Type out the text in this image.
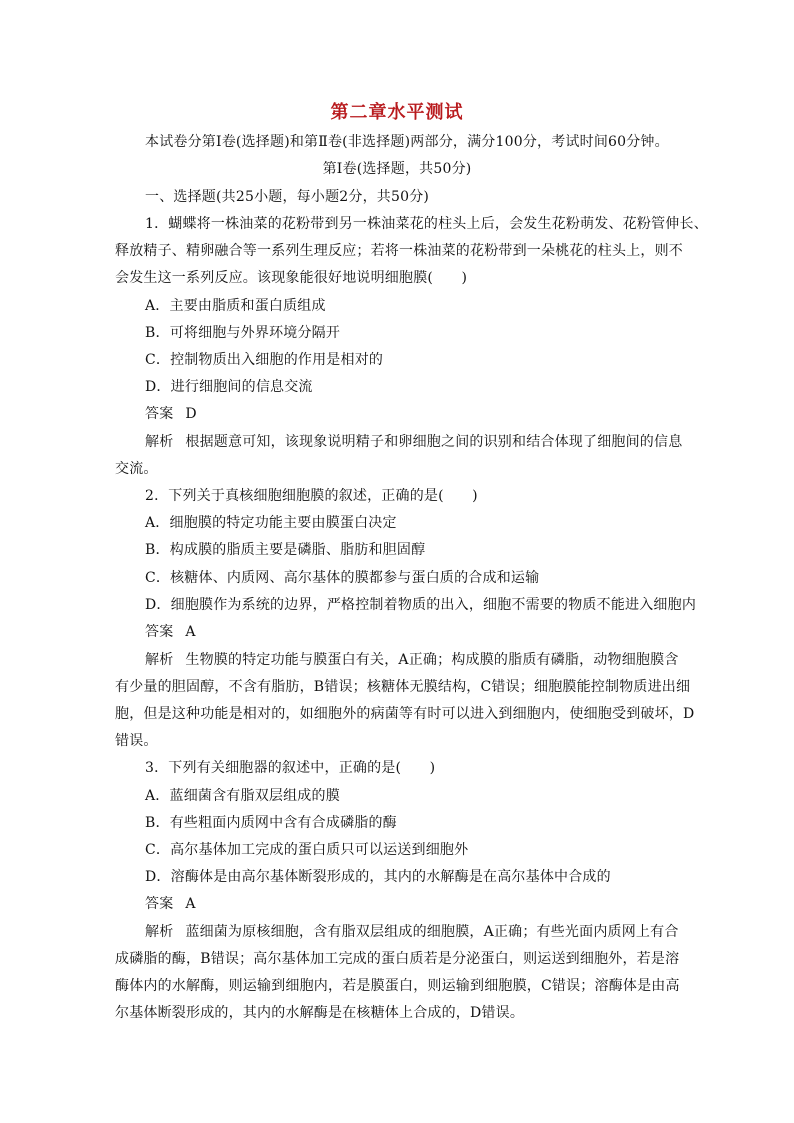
第二章水平测试
本试卷分第Ⅰ卷(选择题)和第Ⅱ卷(非选择题)两部分，满分100分，考试时间60分钟。
第Ⅰ卷(选择题，共50分)
一、选择题(共25小题，每小题2分，共50分)
1．蝴蝶将一株油菜的花粉带到另一株油菜花的柱头上后，会发生花粉萌发、花粉管伸长、
释放精子、精卵融合等一系列生理反应；若将一株油菜的花粉带到一朵桃花的柱头上，则不
会发生这一系列反应。该现象能很好地说明细胞膜(　　)
A．主要由脂质和蛋白质组成
B．可将细胞与外界环境分隔开
C．控制物质出入细胞的作用是相对的
D．进行细胞间的信息交流
答案 D
解析 根据题意可知，该现象说明精子和卵细胞之间的识别和结合体现了细胞间的信息
交流。
2．下列关于真核细胞细胞膜的叙述，正确的是(　　)
A．细胞膜的特定功能主要由膜蛋白决定
B．构成膜的脂质主要是磷脂、脂肪和胆固醇
C．核糖体、内质网、高尔基体的膜都参与蛋白质的合成和运输
D．细胞膜作为系统的边界，严格控制着物质的出入，细胞不需要的物质不能进入细胞内
答案 A
解析 生物膜的特定功能与膜蛋白有关，A正确；构成膜的脂质有磷脂，动物细胞膜含
有少量的胆固醇，不含有脂肪，B错误；核糖体无膜结构，C错误；细胞膜能控制物质进出细
胞，但是这种功能是相对的，如细胞外的病菌等有时可以进入到细胞内，使细胞受到破坏，D
错误。
3．下列有关细胞器的叙述中，正确的是(　　)
A．蓝细菌含有脂双层组成的膜
B．有些粗面内质网中含有合成磷脂的酶
C．高尔基体加工完成的蛋白质只可以运送到细胞外
D．溶酶体是由高尔基体断裂形成的，其内的水解酶是在高尔基体中合成的
答案 A
解析 蓝细菌为原核细胞，含有脂双层组成的细胞膜，A正确；有些光面内质网上有合
成磷脂的酶，B错误；高尔基体加工完成的蛋白质若是分泌蛋白，则运送到细胞外，若是溶
酶体内的水解酶，则运输到细胞内，若是膜蛋白，则运输到细胞膜，C错误；溶酶体是由高
尔基体断裂形成的，其内的水解酶是在核糖体上合成的，D错误。
